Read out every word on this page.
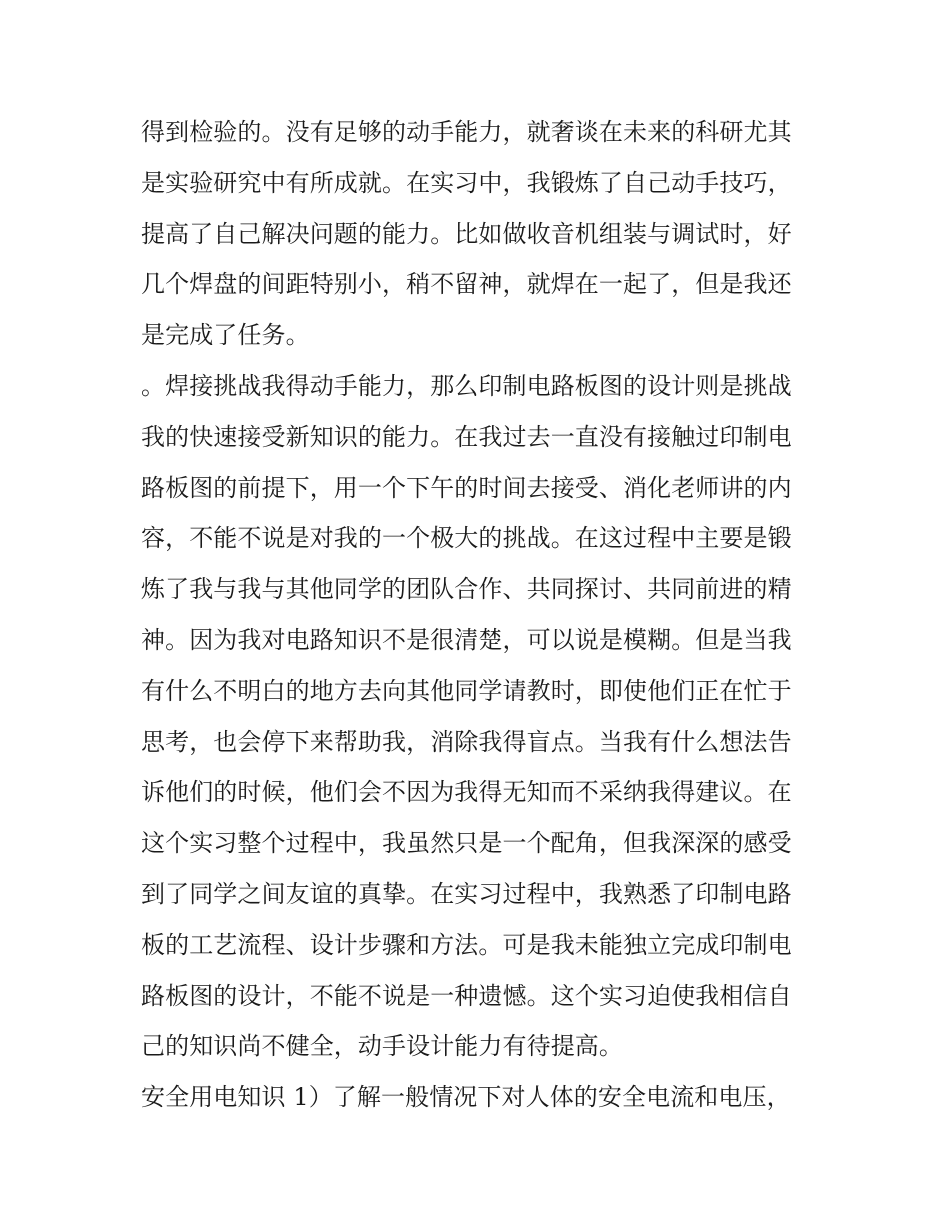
得到检验的。没有足够的动手能力，就奢谈在未来的科研尤其
是实验研究中有所成就。在实习中，我锻炼了自己动手技巧，
提高了自己解决问题的能力。比如做收音机组装与调试时，好
几个焊盘的间距特别小，稍不留神，就焊在一起了，但是我还
是完成了任务。
。焊接挑战我得动手能力，那么印制电路板图的设计则是挑战
我的快速接受新知识的能力。在我过去一直没有接触过印制电
路板图的前提下，用一个下午的时间去接受、消化老师讲的内
容，不能不说是对我的一个极大的挑战。在这过程中主要是锻
炼了我与我与其他同学的团队合作、共同探讨、共同前进的精
神。因为我对电路知识不是很清楚，可以说是模糊。但是当我
有什么不明白的地方去向其他同学请教时，即使他们正在忙于
思考，也会停下来帮助我，消除我得盲点。当我有什么想法告
诉他们的时候，他们会不因为我得无知而不采纳我得建议。在
这个实习整个过程中，我虽然只是一个配角，但我深深的感受
到了同学之间友谊的真挚。在实习过程中，我熟悉了印制电路
板的工艺流程、设计步骤和方法。可是我未能独立完成印制电
路板图的设计，不能不说是一种遗憾。这个实习迫使我相信自
己的知识尚不健全，动手设计能力有待提高。
安全用电知识 1）了解一般情况下对人体的安全电流和电压，
